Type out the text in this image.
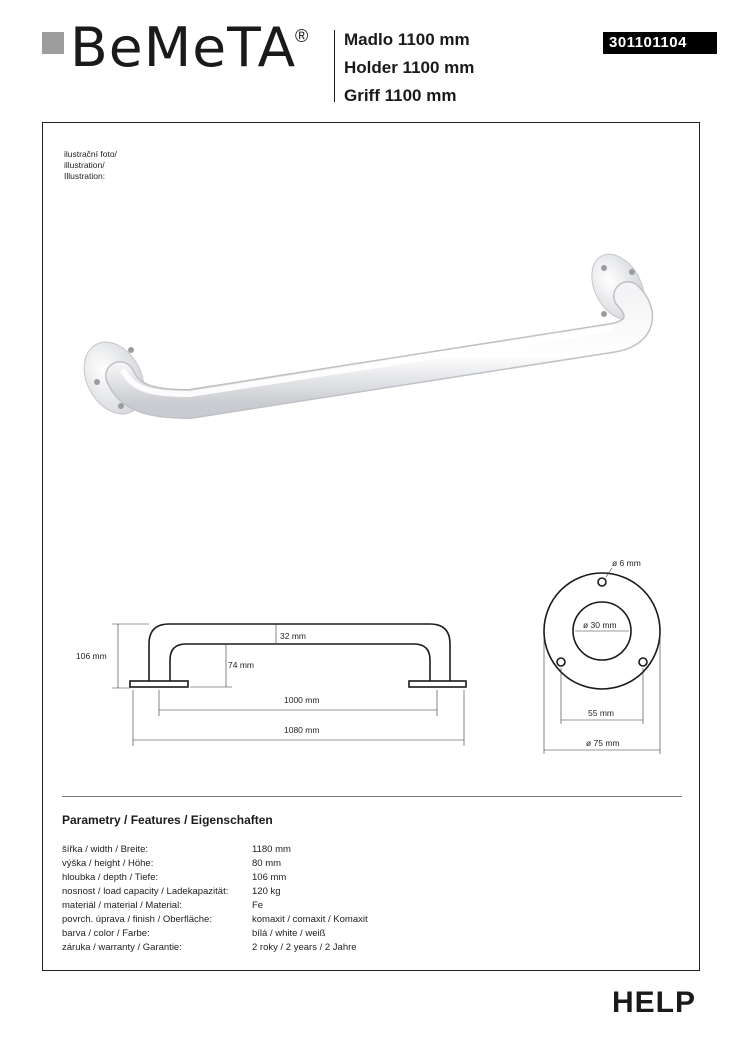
BeMeTA
® Madlo 1100 mm
Holder 1100 mm
Griff 1100 mm
301101104
ilustrační foto/
illustration/
Illustration:
106 mm
32 mm
74 mm
1000 mm
1080 mm
ø 6 mm
ø 30 mm
55 mm
ø 75 mm
Parametry / Features / Eigenschaften
šířka / width / Breite:	1180 mm
výška / height / Höhe:	80 mm
hloubka / depth / Tiefe:	106 mm
nosnost / load capacity / Ladekapazität: 120 kg
materiál / material / Material:	Fe
povrch. úprava / finish / Oberfläche:	komaxit / comaxit / Komaxit
barva / color / Farbe:	bílá / white / weiß
záruka / warranty / Garantie:	2 roky / 2 years / 2 Jahre
HELP
